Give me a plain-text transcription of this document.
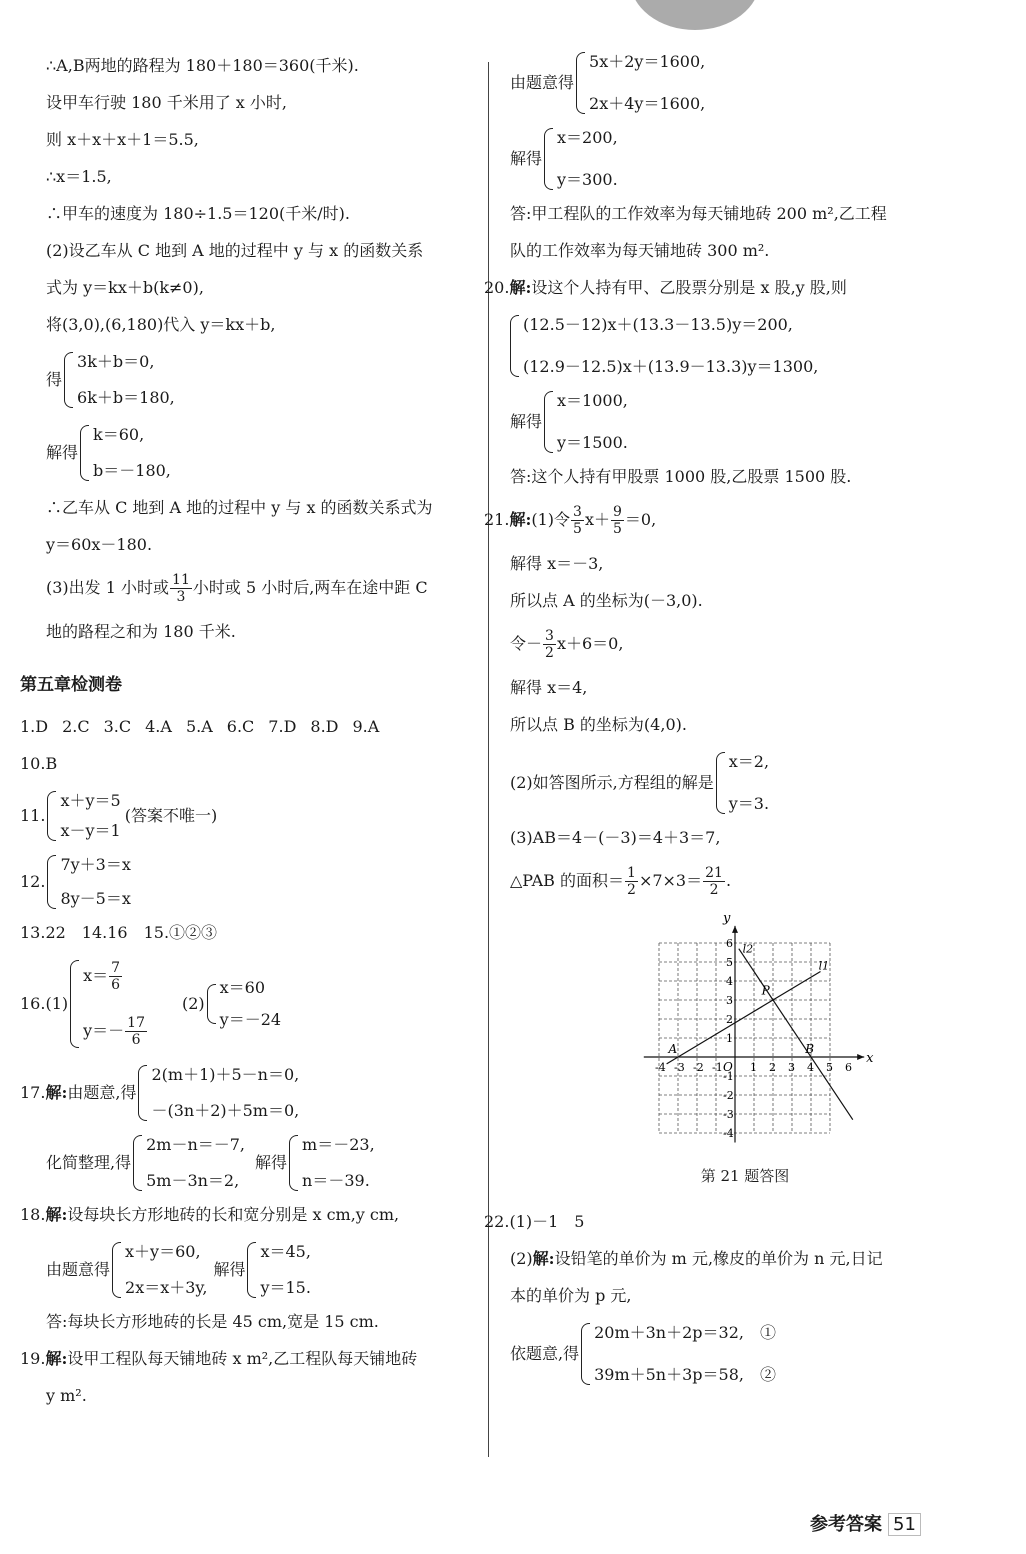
∴A,B两地的路程为 180＋180＝360(千米).
设甲车行驶 180 千米用了 x 小时,
则 x＋x＋x＋1＝5.5,
∴x＝1.5,
∴甲车的速度为 180÷1.5＝120(千米/时).
(2)设乙车从 C 地到 A 地的过程中 y 与 x 的函数关系
式为 y＝kx＋b(k≠0),
将(3,0),(6,180)代入 y＝kx＋b,
得
3k＋b＝0,
6k＋b＝180,
解得
k＝60,
b＝－180,
∴乙车从 C 地到 A 地的过程中 y 与 x 的函数关系式为
y＝60x－180.
(3)出发 1 小时或 $\frac{11}{3}$ 小时或 5 小时后,两车在途中距 C
地的路程之和为 180 千米.
第五章检测卷
1.D 2.C 3.C 4.A 5.A 6.C 7.D 8.D 9.A
10.B
11.
x＋y＝5
x－y＝1
(答案不唯一)
12.
7y＋3＝x
8y－5＝x
13.22　14.16　15.①②③
16.(1)
$x= \frac{7}{6}$
$y=- \frac{17}{6}$
(2)
x＝60
y＝－24
17. 解: 由题意,得
2(m＋1)＋5－n＝0,
－(3n＋2)＋5m＝0,
化简整理,得
2m－n＝－7,
5m－3n＝2,
解得
m＝－23,
n＝－39.
18.解:设每块长方形地砖的长和宽分别是 x cm,y cm,
由题意得
x＋y＝60,
2x＝x＋3y,
解得
x＝45,
y＝15.
答:每块长方形地砖的长是 45 cm,宽是 15 cm.
19.解:设甲工程队每天铺地砖 x m²,乙工程队每天铺地砖
y m².
由题意得
5x＋2y＝1600,
2x＋4y＝1600,
解得
x＝200,
y＝300.
答:甲工程队的工作效率为每天铺地砖 200 m²,乙工程
队的工作效率为每天铺地砖 300 m².
20.解:设这个人持有甲、乙股票分别是 x 股,y 股,则
(12.5－12)x＋(13.3－13.5)y＝200,
(12.9－12.5)x＋(13.9－13.3)y＝1300,
解得
x＝1000,
y＝1500.
答:这个人持有甲股票 1000 股,乙股票 1500 股.
21.解:(1)令 $\frac{3}{5} x+ \frac{9}{5} =0$,
解得 x＝－3,
所以点 A 的坐标为(－3,0).
令－ $\frac{3}{2} x+6=0$,
解得 x＝4,
所以点 B 的坐标为(4,0).
(2)如答图所示,方程组的解是
x＝2,
y＝3.
(3)AB＝4－(－3)＝4＋3＝7,
△PAB 的面积＝ $\frac{1}{2} \times 7\times 3= \frac{21}{2}$ .
x
y
O
A	B
P
l1
l2
-4 -3 -2 -1 1 2 3 4 5 6
6
5
4
3
2
1
-1
-2
-3
-4
第 21 题答图
22.(1)－1　5
(2)解:设铅笔的单价为 m 元,橡皮的单价为 n 元,日记
本的单价为 p 元,
依题意,得
20m＋3n＋2p＝32,　①
39m＋5n＋3p＝58,　②
参考答案 51
